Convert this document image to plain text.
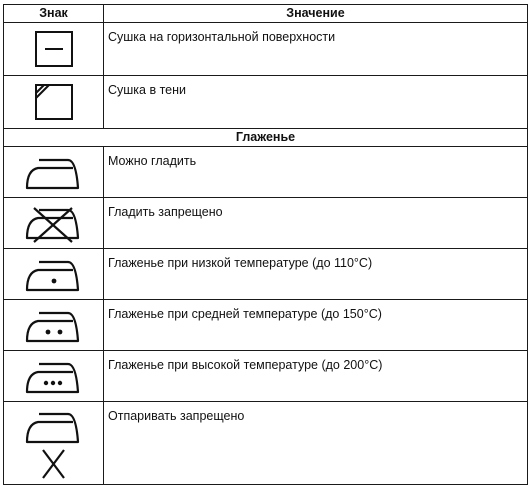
Знак	Значение

	Сушка на горизонтальной поверхности

	Сушка в тени
Глаженье	

	Можно гладить

	Гладить запрещено

	Глаженье при низкой температуре (до 110°С)

	Глаженье при средней температуре (до 150°С)

	Глаженье при высокой температуре (до 200°С)

	Отпаривать запрещено
